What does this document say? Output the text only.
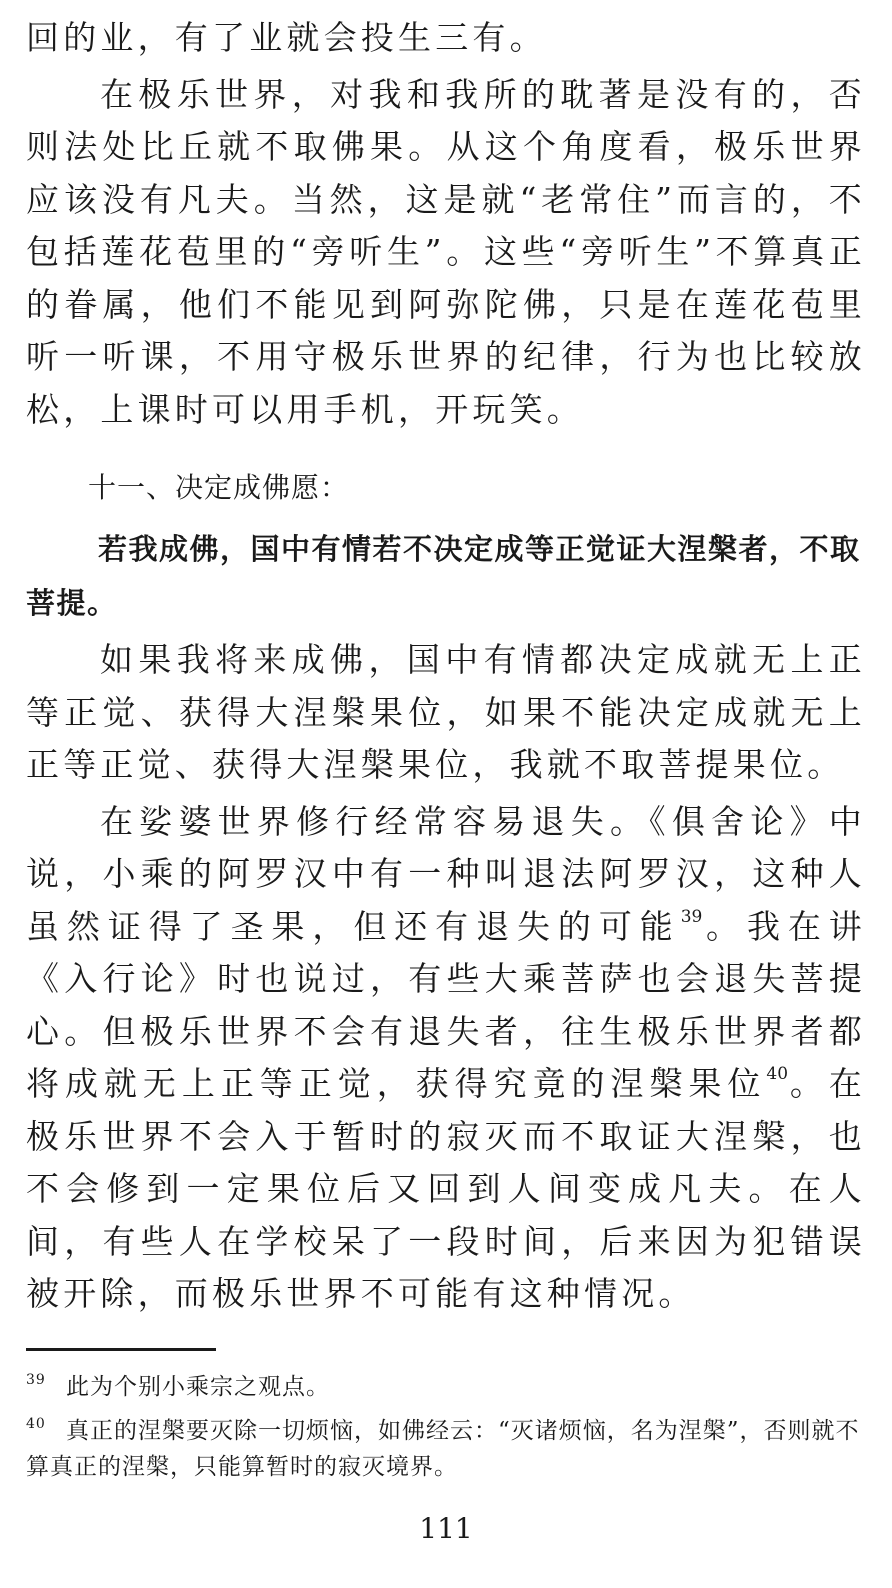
回的业，有了业就会投生三有。

在极乐世界，对我和我所的耽著是没有的，否则法处比丘就不取佛果。从这个角度看，极乐世界应该没有凡夫。当然，这是就“老常住”而言的，不包括莲花苞里的“旁听生”。这些“旁听生”不算真正的眷属，他们不能见到阿弥陀佛，只是在莲花苞里听一听课，不用守极乐世界的纪律，行为也比较放松，上课时可以用手机，开玩笑。

十一、决定成佛愿：

若我成佛，国中有情若不决定成等正觉证大涅槃者，不取菩提。

如果我将来成佛，国中有情都决定成就无上正等正觉、获得大涅槃果位，如果不能决定成就无上正等正觉、获得大涅槃果位，我就不取菩提果位。

在娑婆世界修行经常容易退失。《俱舍论》中说，小乘的阿罗汉中有一种叫退法阿罗汉，这种人虽然证得了圣果，但还有退失的可能$^{39}$。我在讲《入行论》时也说过，有些大乘菩萨也会退失菩提心。但极乐世界不会有退失者，往生极乐世界者都将成就无上正等正觉，获得究竟的涅槃果位$^{40}$。在极乐世界不会入于暂时的寂灭而不取证大涅槃，也不会修到一定果位后又回到人间变成凡夫。在人间，有些人在学校呆了一段时间，后来因为犯错误被开除，而极乐世界不可能有这种情况。

39 此为个别小乘宗之观点。
40 真正的涅槃要灭除一切烦恼，如佛经云：“灭诸烦恼，名为涅槃”，否则就不算真正的涅槃，只能算暂时的寂灭境界。
111
